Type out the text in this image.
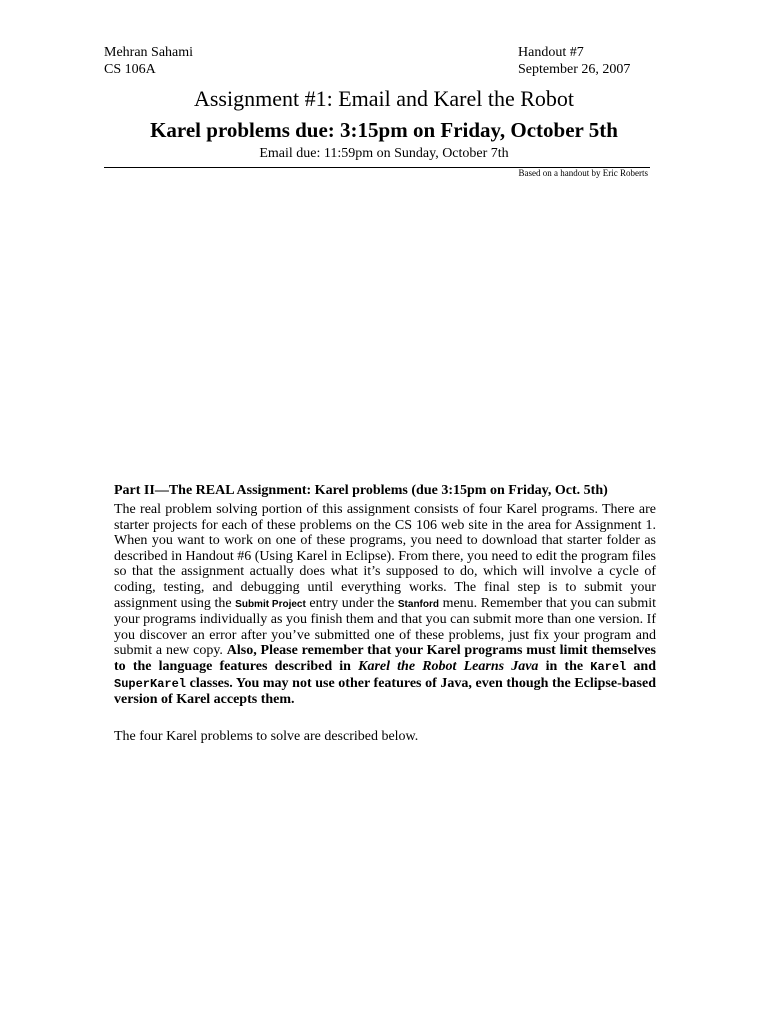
Mehran Sahami
CS 106A
Handout #7
September 26, 2007
Assignment #1: Email and Karel the Robot
Karel problems due: 3:15pm on Friday, October 5th
Email due: 11:59pm on Sunday, October 7th
Based on a handout by Eric Roberts
Part II—The REAL Assignment: Karel problems (due 3:15pm on Friday, Oct. 5th)
The real problem solving portion of this assignment consists of four Karel programs. There are starter projects for each of these problems on the CS 106 web site in the area for Assignment 1. When you want to work on one of these programs, you need to download that starter folder as described in Handout #6 (Using Karel in Eclipse). From there, you need to edit the program files so that the assignment actually does what it’s supposed to do, which will involve a cycle of coding, testing, and debugging until everything works. The final step is to submit your assignment using the Submit Project entry under the Stanford menu. Remember that you can submit your programs individually as you finish them and that you can submit more than one version. If you discover an error after you’ve submitted one of these problems, just fix your program and submit a new copy. Also, Please remember that your Karel programs must limit themselves to the language features described in Karel the Robot Learns Java in the Karel and SuperKarel classes. You may not use other features of Java, even though the Eclipse-based version of Karel accepts them.
The four Karel problems to solve are described below.
